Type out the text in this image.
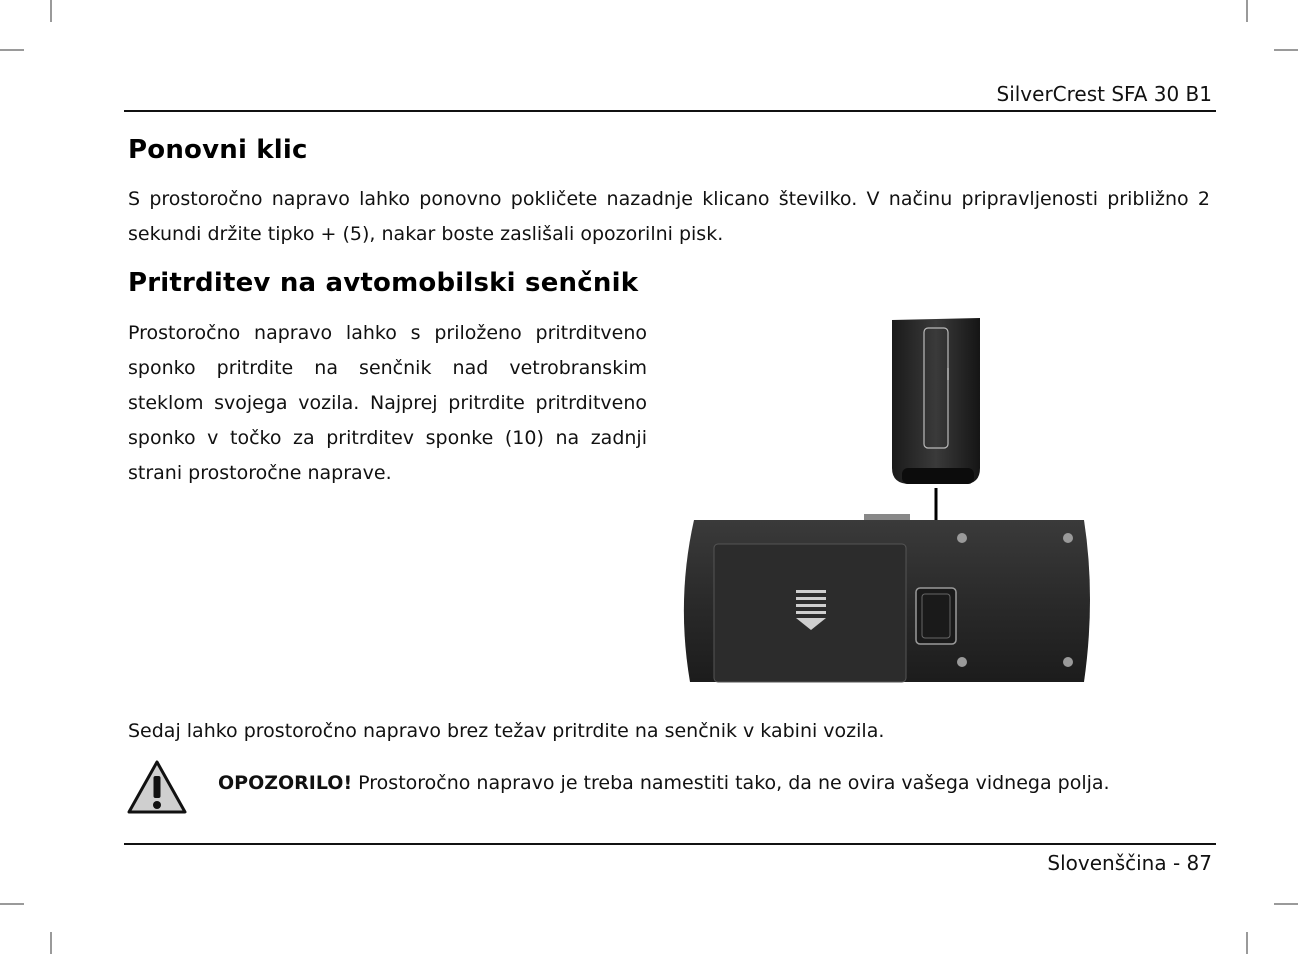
SilverCrest SFA 30 B1
Ponovni klic

S prostoročno napravo lahko ponovno pokličete nazadnje klicano številko. V načinu pripravljenosti približno 2 sekundi držite tipko + (5), nakar boste zaslišali opozorilni pisk.

Pritrditev na avtomobilski senčnik

Prostoročno napravo lahko s priloženo pritrditveno sponko pritrdite na senčnik nad vetrobranskim steklom svojega vozila. Najprej pritrdite pritrditveno sponko v točko za pritrditev sponke (10) na zadnji strani prostoročne naprave.

Sedaj lahko prostoročno napravo brez težav pritrdite na senčnik v kabini vozila.

OPOZORILO! Prostoročno napravo je treba namestiti tako, da ne ovira vašega vidnega polja.
Slovenščina - 87
